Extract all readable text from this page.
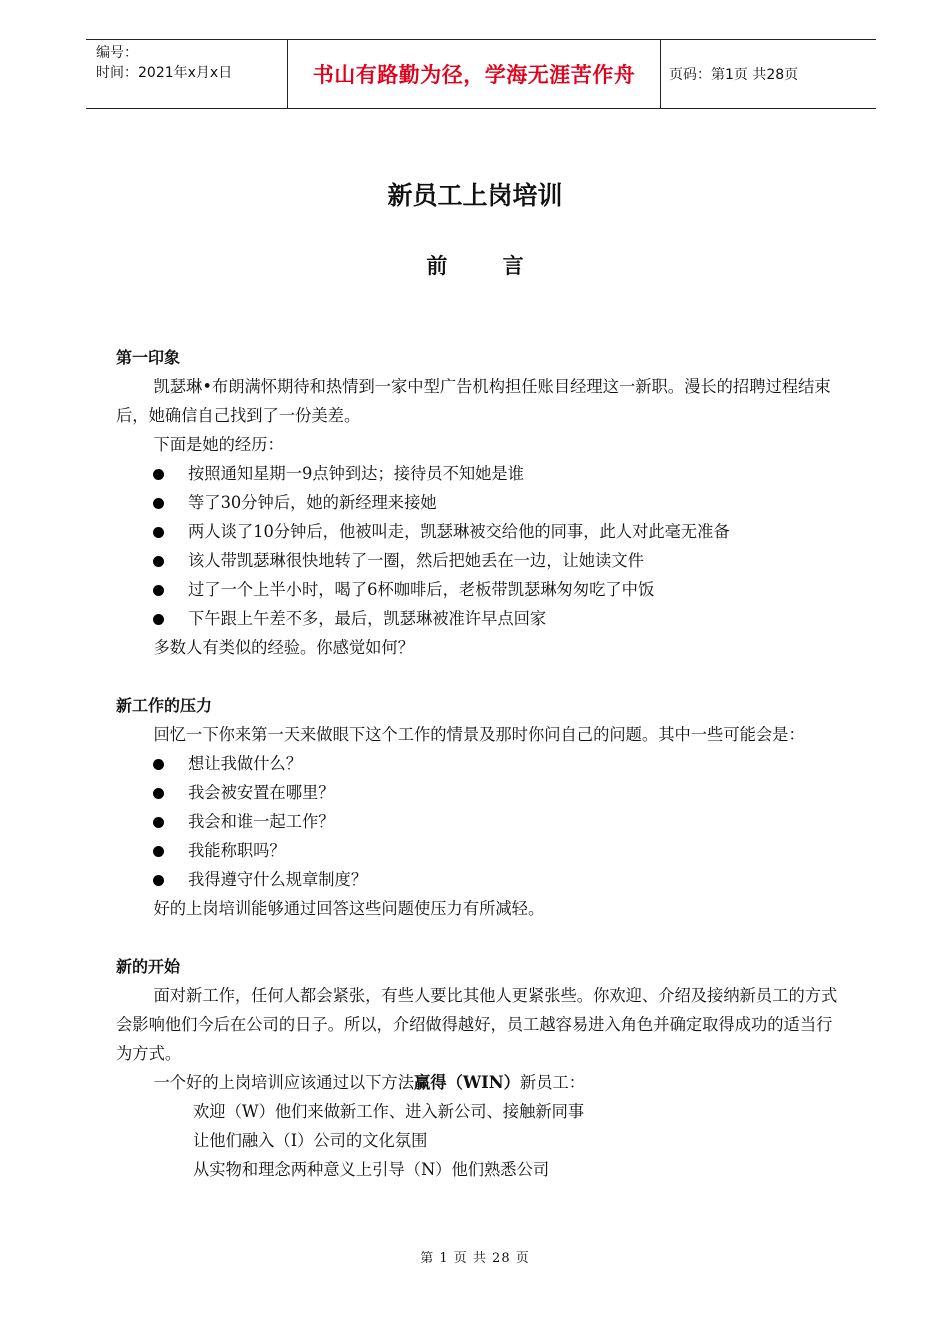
编号：
时间：2021年x月x日	书山有路勤为径，学海无涯苦作舟	页码：第1页 共28页
新员工上岗培训
前 言
第一印象

凯瑟琳•布朗满怀期待和热情到一家中型广告机构担任账目经理这一新职。漫长的招聘过程结束后，她确信自己找到了一份美差。

下面是她的经历：

按照通知星期一9点钟到达；接待员不知她是谁
等了30分钟后，她的新经理来接她
两人谈了10分钟后，他被叫走，凯瑟琳被交给他的同事，此人对此毫无准备
该人带凯瑟琳很快地转了一圈，然后把她丢在一边，让她读文件
过了一个上半小时，喝了6杯咖啡后，老板带凯瑟琳匆匆吃了中饭
下午跟上午差不多，最后，凯瑟琳被准许早点回家

多数人有类似的经验。你感觉如何？

新工作的压力

回忆一下你来第一天来做眼下这个工作的情景及那时你问自己的问题。其中一些可能会是：

想让我做什么？
我会被安置在哪里？
我会和谁一起工作？
我能称职吗？
我得遵守什么规章制度？

好的上岗培训能够通过回答这些问题使压力有所减轻。

新的开始

面对新工作，任何人都会紧张，有些人要比其他人更紧张些。你欢迎、介绍及接纳新员工的方式会影响他们今后在公司的日子。所以，介绍做得越好，员工越容易进入角色并确定取得成功的适当行为方式。

一个好的上岗培训应该通过以下方法赢得（WIN）新员工：

欢迎（W）他们来做新工作、进入新公司、接触新同事
让他们融入（I）公司的文化氛围
从实物和理念两种意义上引导（N）他们熟悉公司
第 1 页 共 28 页
